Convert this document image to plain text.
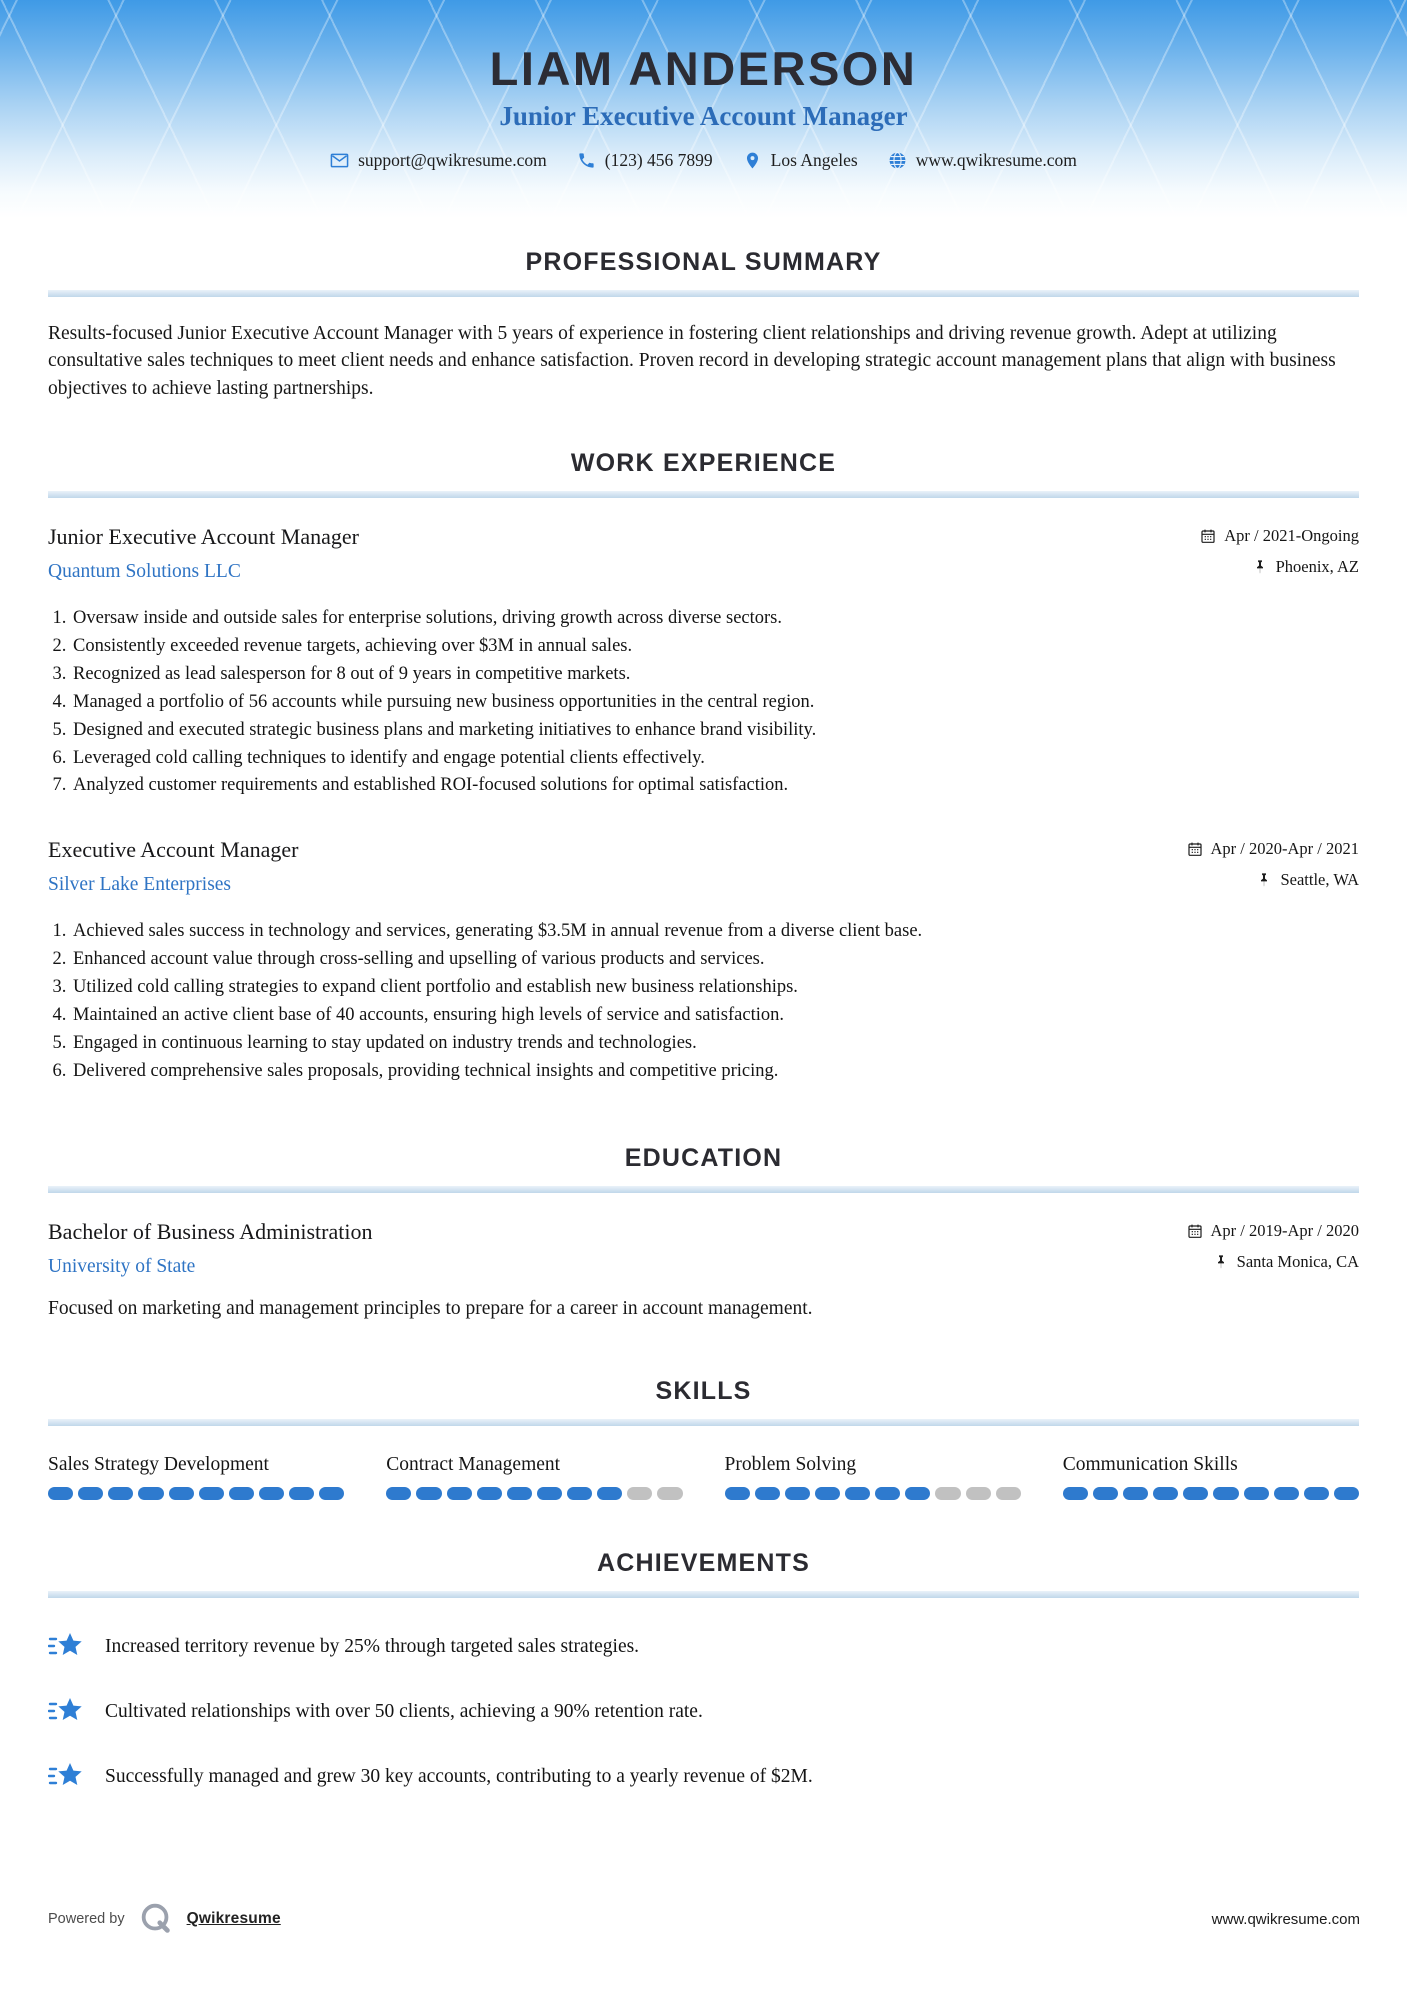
LIAM ANDERSON
Junior Executive Account Manager
support@qwikresume.com	(123) 456 7899	Los Angeles	www.qwikresume.com
PROFESSIONAL SUMMARY

Results-focused Junior Executive Account Manager with 5 years of experience in fostering client relationships and driving revenue growth. Adept at utilizing consultative sales techniques to meet client needs and enhance satisfaction. Proven record in developing strategic account management plans that align with business objectives to achieve lasting partnerships.

WORK EXPERIENCE
Junior Executive Account Manager
Quantum Solutions LLC
Apr / 2021-Ongoing
Phoenix, AZ
1. Oversaw inside and outside sales for enterprise solutions, driving growth across diverse sectors.
2. Consistently exceeded revenue targets, achieving over $3M in annual sales.
3. Recognized as lead salesperson for 8 out of 9 years in competitive markets.
4. Managed a portfolio of 56 accounts while pursuing new business opportunities in the central region.
5. Designed and executed strategic business plans and marketing initiatives to enhance brand visibility.
6. Leveraged cold calling techniques to identify and engage potential clients effectively.
7. Analyzed customer requirements and established ROI-focused solutions for optimal satisfaction.
Executive Account Manager
Silver Lake Enterprises
Apr / 2020-Apr / 2021
Seattle, WA
1. Achieved sales success in technology and services, generating $3.5M in annual revenue from a diverse client base.
2. Enhanced account value through cross-selling and upselling of various products and services.
3. Utilized cold calling strategies to expand client portfolio and establish new business relationships.
4. Maintained an active client base of 40 accounts, ensuring high levels of service and satisfaction.
5. Engaged in continuous learning to stay updated on industry trends and technologies.
6. Delivered comprehensive sales proposals, providing technical insights and competitive pricing.
EDUCATION
Bachelor of Business Administration
University of State
Apr / 2019-Apr / 2020
Santa Monica, CA
Focused on marketing and management principles to prepare for a career in account management.
SKILLS
Sales Strategy Development	Contract Management	Problem Solving	Communication Skills
ACHIEVEMENTS
Increased territory revenue by 25% through targeted sales strategies.
Cultivated relationships with over 50 clients, achieving a 90% retention rate.
Successfully managed and grew 30 key accounts, contributing to a yearly revenue of $2M.
Powered by	Qwikresume	www.qwikresume.com
